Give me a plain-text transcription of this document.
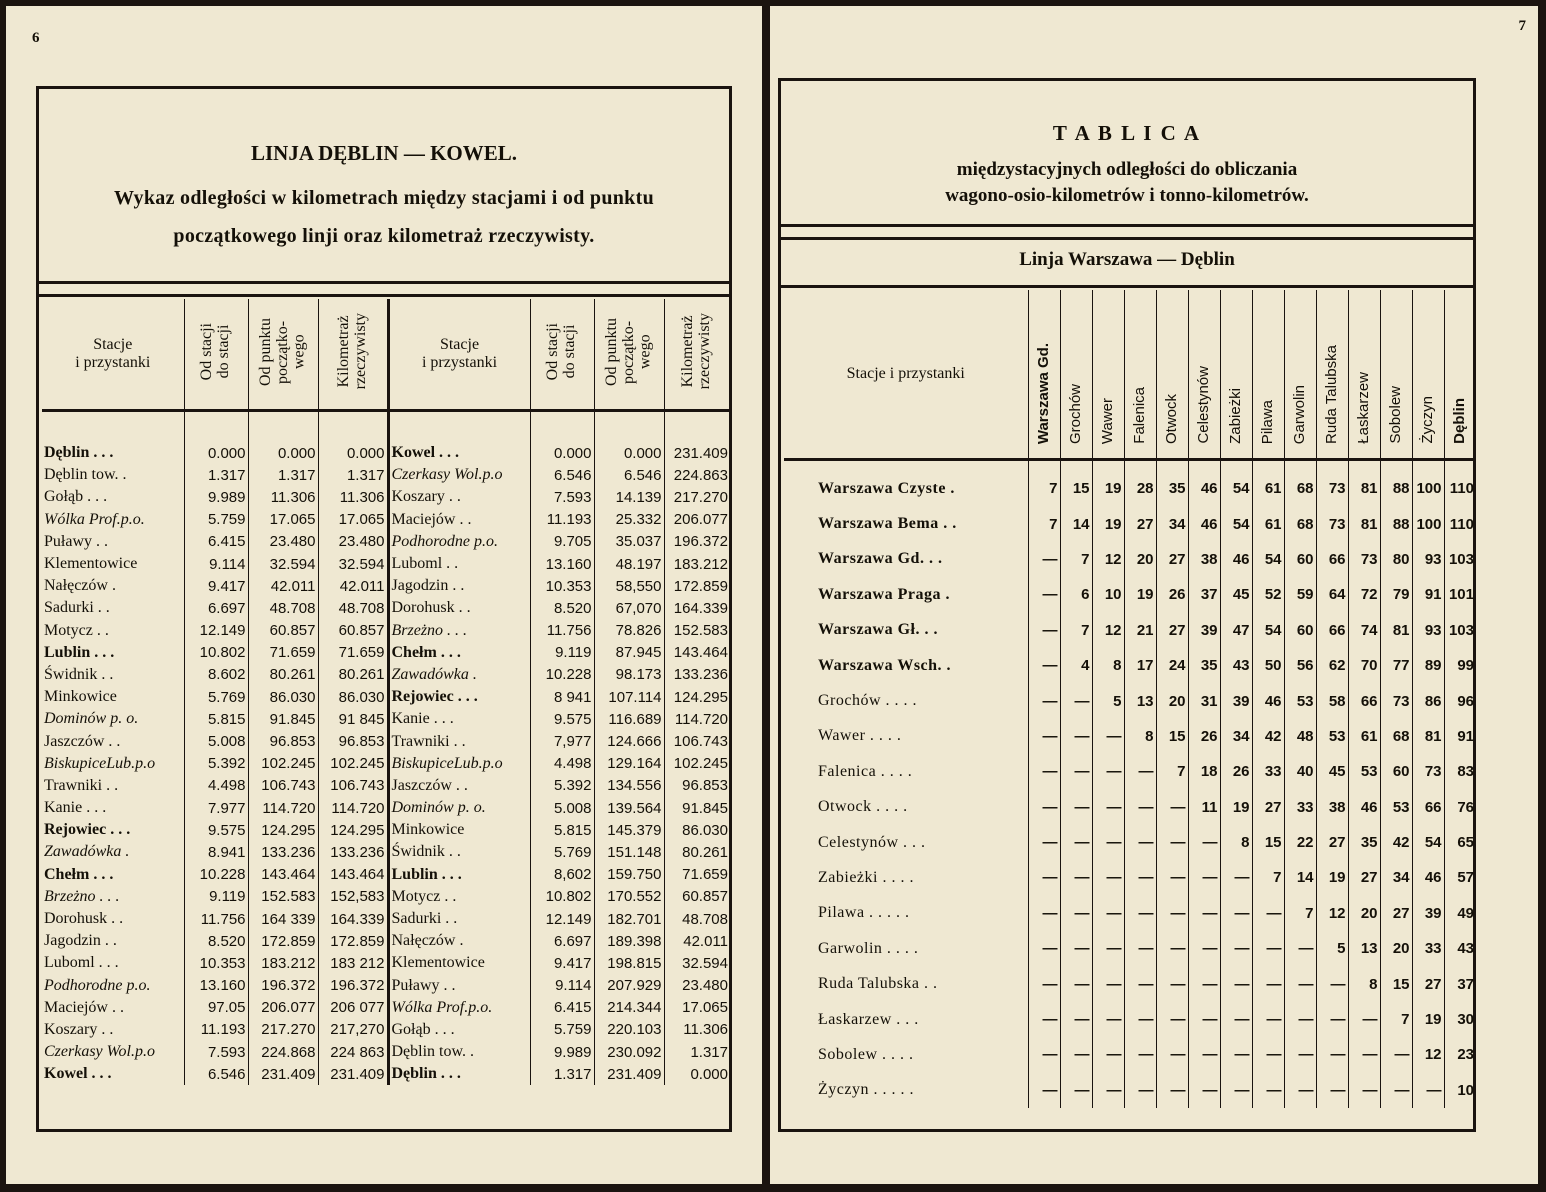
6
LINJA DĘBLIN — KOWEL.
Wykaz odległości w kilometrach między stacjami i od punktu
początkowego linji oraz kilometraż rzeczywisty.
Stacje
i przystanki	Od stacji
do stacji	Od punktu
początko-
wego	Kilometraż
rzeczywisty	Stacje
i przystanki	Od stacji
do stacji	Od punktu
początko-
wego	Kilometraż
rzeczywisty
Dęblin . . .	0.000	0.000	0.000	Kowel . . .	0.000	0.000	231.409
Dęblin tow. .	1.317	1.317	1.317	Czerkasy Wol.p.o	6.546	6.546	224.863
Gołąb . . .	9.989	11.306	11.306	Koszary . .	7.593	14.139	217.270
Wólka Prof.p.o.	5.759	17.065	17.065	Maciejów . .	11.193	25.332	206.077
Puławy . .	6.415	23.480	23.480	Podhorodne p.o.	9.705	35.037	196.372
Klementowice	9.114	32.594	32.594	Luboml . .	13.160	48.197	183.212
Nałęczów .	9.417	42.011	42.011	Jagodzin . .	10.353	58,550	172.859
Sadurki . .	6.697	48.708	48.708	Dorohusk . .	8.520	67,070	164.339
Motycz . .	12.149	60.857	60.857	Brzeżno . . .	11.756	78.826	152.583
Lublin . . .	10.802	71.659	71.659	Chełm . . .	9.119	87.945	143.464
Świdnik . .	8.602	80.261	80.261	Zawadówka .	10.228	98.173	133.236
Minkowice	5.769	86.030	86.030	Rejowiec . . .	8 941	107.114	124.295
Dominów p. o.	5.815	91.845	91 845	Kanie . . .	9.575	116.689	114.720
Jaszczów . .	5.008	96.853	96.853	Trawniki . .	7,977	124.666	106.743
BiskupiceLub.p.o	5.392	102.245	102.245	BiskupiceLub.p.o	4.498	129.164	102.245
Trawniki . .	4.498	106.743	106.743	Jaszczów . .	5.392	134.556	96.853
Kanie . . .	7.977	114.720	114.720	Dominów p. o.	5.008	139.564	91.845
Rejowiec . . .	9.575	124.295	124.295	Minkowice	5.815	145.379	86.030
Zawadówka .	8.941	133.236	133.236	Świdnik . .	5.769	151.148	80.261
Chełm . . .	10.228	143.464	143.464	Lublin . . .	8,602	159.750	71.659
Brzeżno . . .	9.119	152.583	152,583	Motycz . .	10.802	170.552	60.857
Dorohusk . .	11.756	164 339	164.339	Sadurki . .	12.149	182.701	48.708
Jagodzin . .	8.520	172.859	172.859	Nałęczów .	6.697	189.398	42.011
Luboml . . .	10.353	183.212	183 212	Klementowice	9.417	198.815	32.594
Podhorodne p.o.	13.160	196.372	196.372	Puławy . .	9.114	207.929	23.480
Maciejów . .	97.05	206.077	206 077	Wólka Prof.p.o.	6.415	214.344	17.065
Koszary . .	11.193	217.270	217,270	Gołąb . . .	5.759	220.103	11.306
Czerkasy Wol.p.o	7.593	224.868	224 863	Dęblin tow. .	9.989	230.092	1.317
Kowel . . .	6.546	231.409	231.409	Dęblin . . .	1.317	231.409	0.000
7
T A B L I C A
międzystacyjnych odległości do obliczania
wagono-osio-kilometrów i tonno-kilometrów.
Linja Warszawa — Dęblin
Stacje i przystanki	Warszawa Gd.	Grochów	Wawer	Falenica	Otwock	Celestynów	Zabieżki	Pilawa	Garwolin	Ruda Talubska	Łaskarzew	Sobolew	Życzyn	Dęblin
Warszawa Czyste .	7	15	19	28	35	46	54	61	68	73	81	88	100	110
Warszawa Bema . .	7	14	19	27	34	46	54	61	68	73	81	88	100	110
Warszawa Gd. . .	—	7	12	20	27	38	46	54	60	66	73	80	93	103
Warszawa Praga .	—	6	10	19	26	37	45	52	59	64	72	79	91	101
Warszawa Gł. . .	—	7	12	21	27	39	47	54	60	66	74	81	93	103
Warszawa Wsch. .	—	4	8	17	24	35	43	50	56	62	70	77	89	99
Grochów . . . .	—	—	5	13	20	31	39	46	53	58	66	73	86	96
Wawer . . . .	—	—	—	8	15	26	34	42	48	53	61	68	81	91
Falenica . . . .	—	—	—	—	7	18	26	33	40	45	53	60	73	83
Otwock . . . .	—	—	—	—	—	11	19	27	33	38	46	53	66	76
Celestynów . . .	—	—	—	—	—	—	8	15	22	27	35	42	54	65
Zabieżki . . . .	—	—	—	—	—	—	—	7	14	19	27	34	46	57
Pilawa . . . . .	—	—	—	—	—	—	—	—	7	12	20	27	39	49
Garwolin . . . .	—	—	—	—	—	—	—	—	—	5	13	20	33	43
Ruda Talubska . .	—	—	—	—	—	—	—	—	—	—	8	15	27	37
Łaskarzew . . .	—	—	—	—	—	—	—	—	—	—	—	7	19	30
Sobolew . . . .	—	—	—	—	—	—	—	—	—	—	—	—	12	23
Życzyn . . . . .	—	—	—	—	—	—	—	—	—	—	—	—	—	10
